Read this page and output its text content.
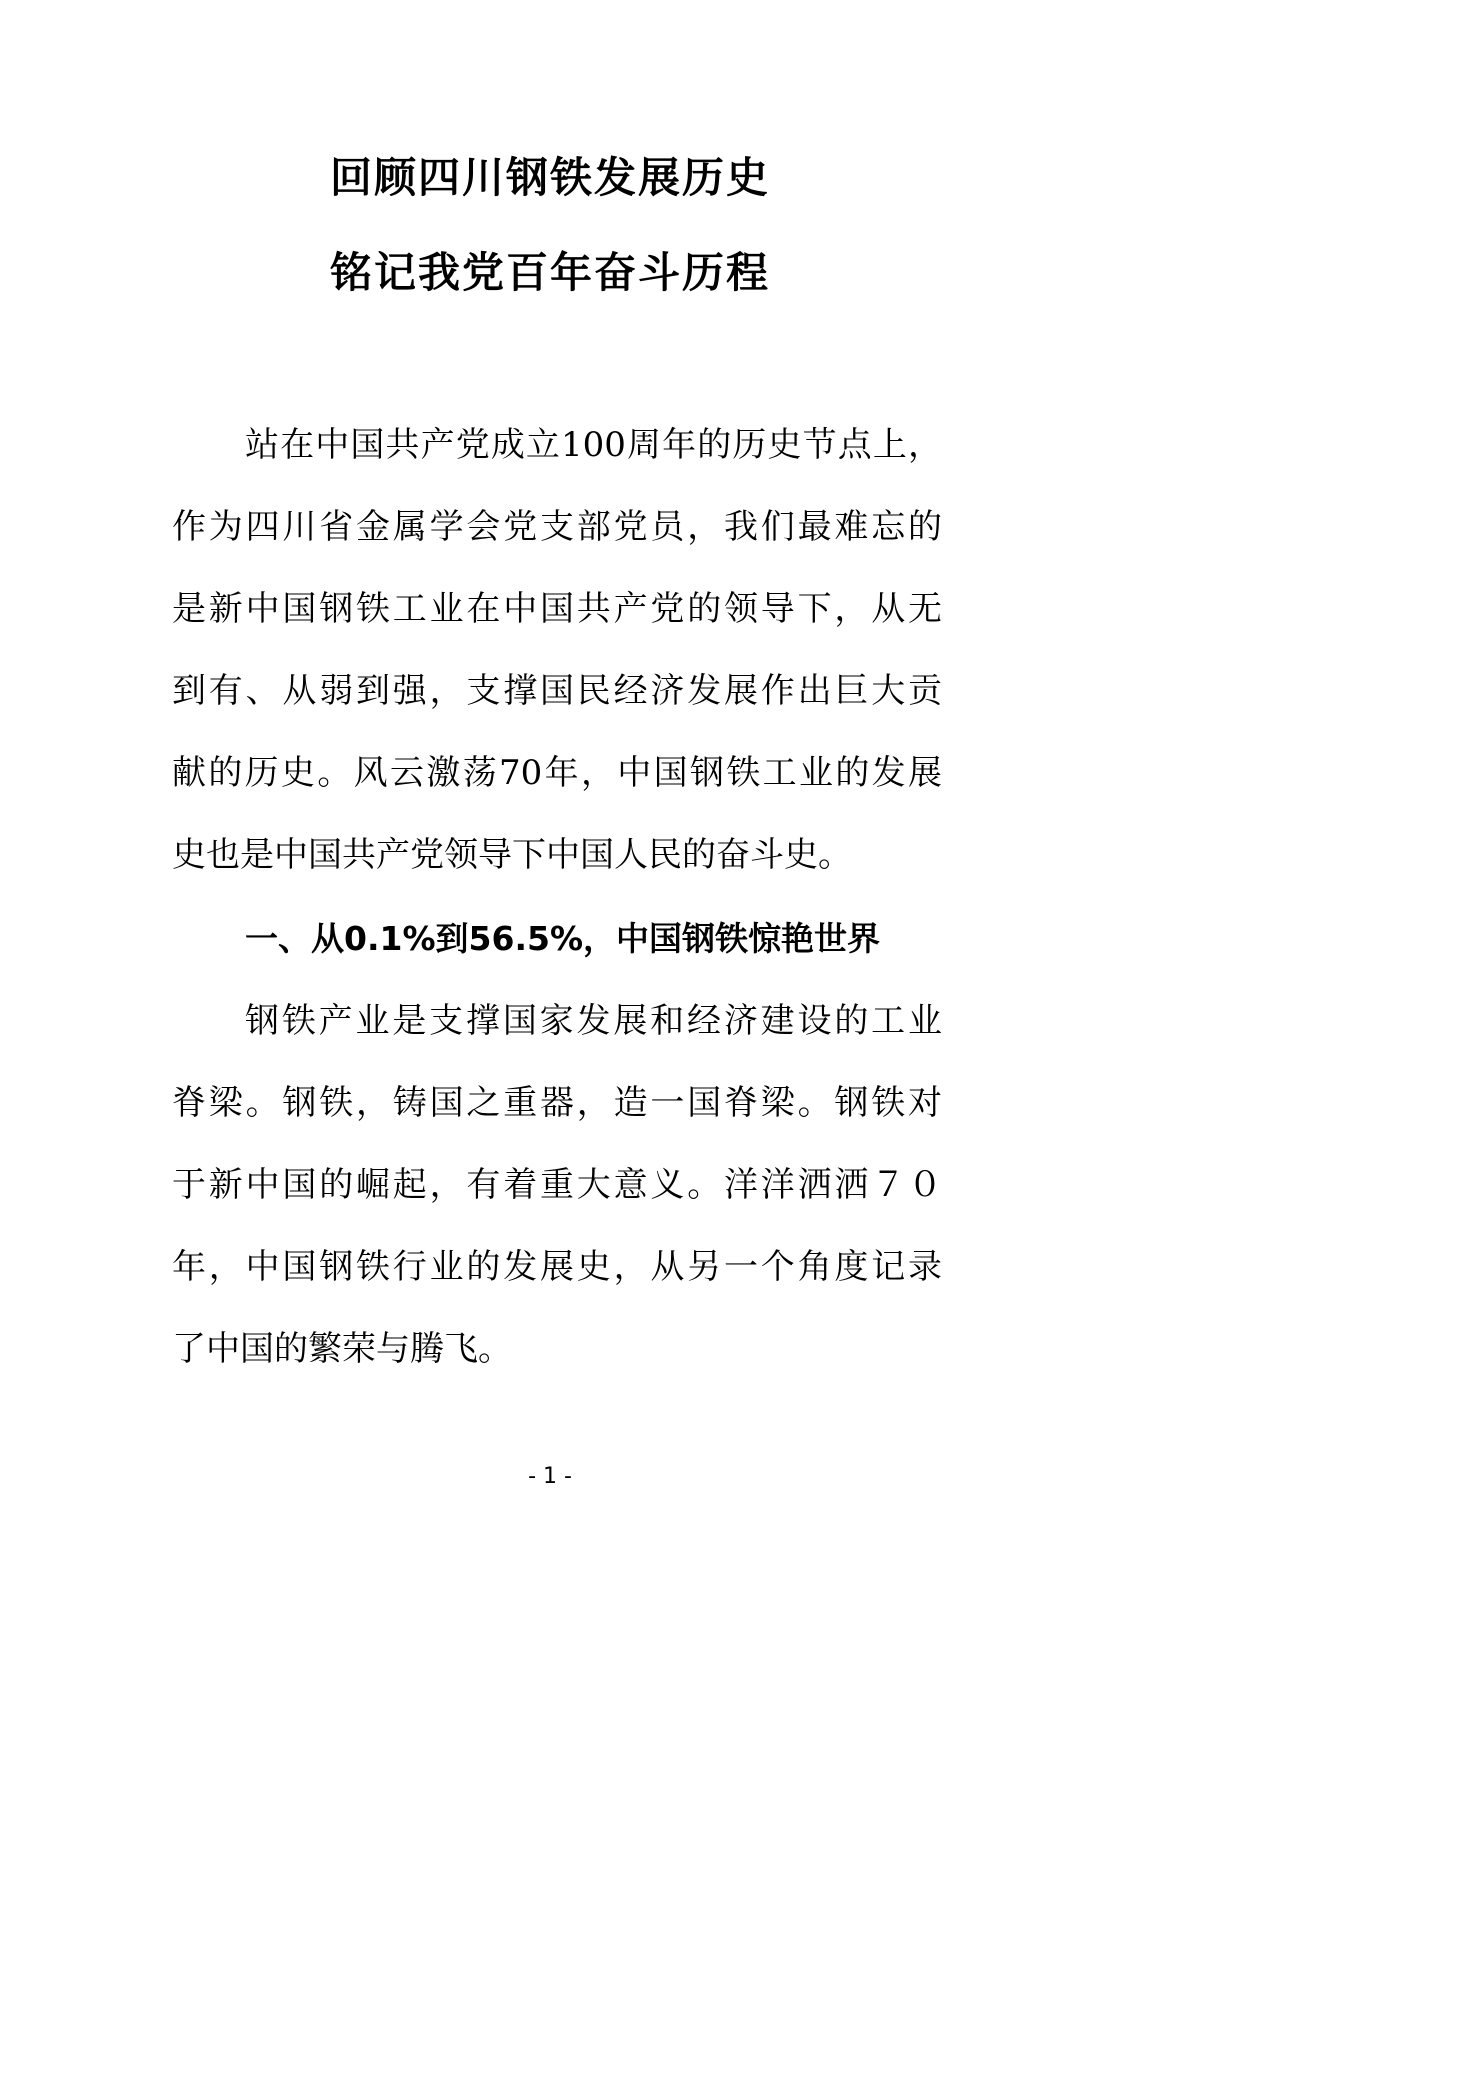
回顾四川钢铁发展历史
铭记我党百年奋斗历程
站在中国共产党成立100周年的历史节点上，
作为四川省金属学会党支部党员，我们最难忘的
是新中国钢铁工业在中国共产党的领导下，从无
到有、从弱到强，支撑国民经济发展作出巨大贡
献的历史。风云激荡70年，中国钢铁工业的发展
史也是中国共产党领导下中国人民的奋斗史。
一、从0.1%到56.5%，中国钢铁惊艳世界
钢铁产业是支撑国家发展和经济建设的工业
脊梁。钢铁，铸国之重器，造一国脊梁。钢铁对
于新中国的崛起，有着重大意义。洋洋洒洒７０
年，中国钢铁行业的发展史，从另一个角度记录
了中国的繁荣与腾飞。
- 1 -
